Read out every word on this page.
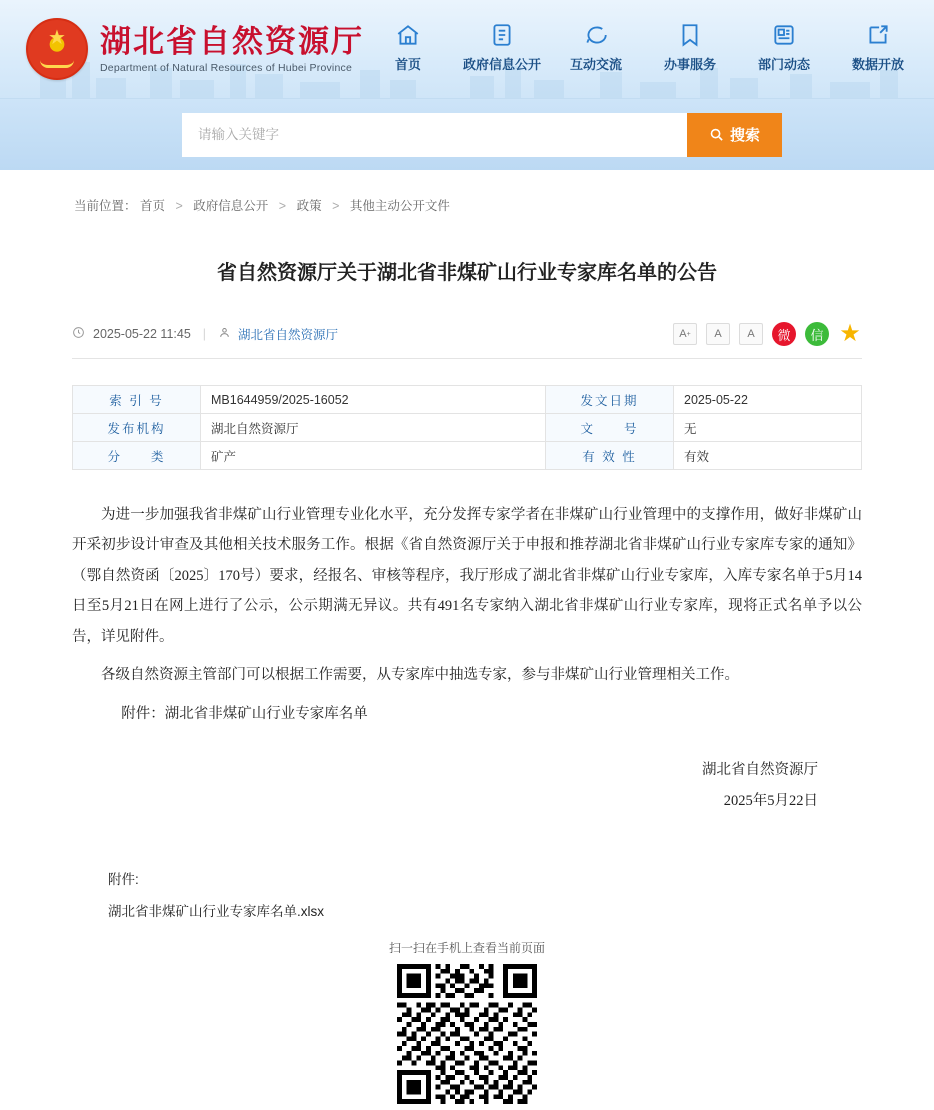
★
湖北省自然资源厅
Department of Natural Resources of Hubei Province	首页	政府信息公开 互动交流	办事服务	部门动态	数据开放
请输入关键字
搜索
当前位置： 首页 > 政府信息公开 > 政策 > 其他主动公开文件
省自然资源厅关于湖北省非煤矿山行业专家库名单的公告
2025-05-22 11:45 |	湖北省自然资源厅	A + A A	微	信 ★
索 引 号	MB1644959/2025-16052	发文日期	2025-05-22
发布机构	湖北自然资源厅	文　　号	无
分　　类	矿产	有 效 性	有效

为进一步加强我省非煤矿山行业管理专业化水平，充分发挥专家学者在非煤矿山行业管理中的支撑作用，做好非煤矿山开采初步设计审查及其他相关技术服务工作。根据《省自然资源厅关于申报和推荐湖北省非煤矿山行业专家库专家的通知》（鄂自然资函〔2025〕170号）要求，经报名、审核等程序，我厅形成了湖北省非煤矿山行业专家库，入库专家名单于5月14日至5月21日在网上进行了公示，公示期满无异议。共有491名专家纳入湖北省非煤矿山行业专家库，现将正式名单予以公告，详见附件。

各级自然资源主管部门可以根据工作需要，从专家库中抽选专家，参与非煤矿山行业管理相关工作。

附件：湖北省非煤矿山行业专家库名单

湖北省自然资源厅
2025年5月22日
附件:
湖北省非煤矿山行业专家库名单.xlsx
扫一扫在手机上查看当前页面
